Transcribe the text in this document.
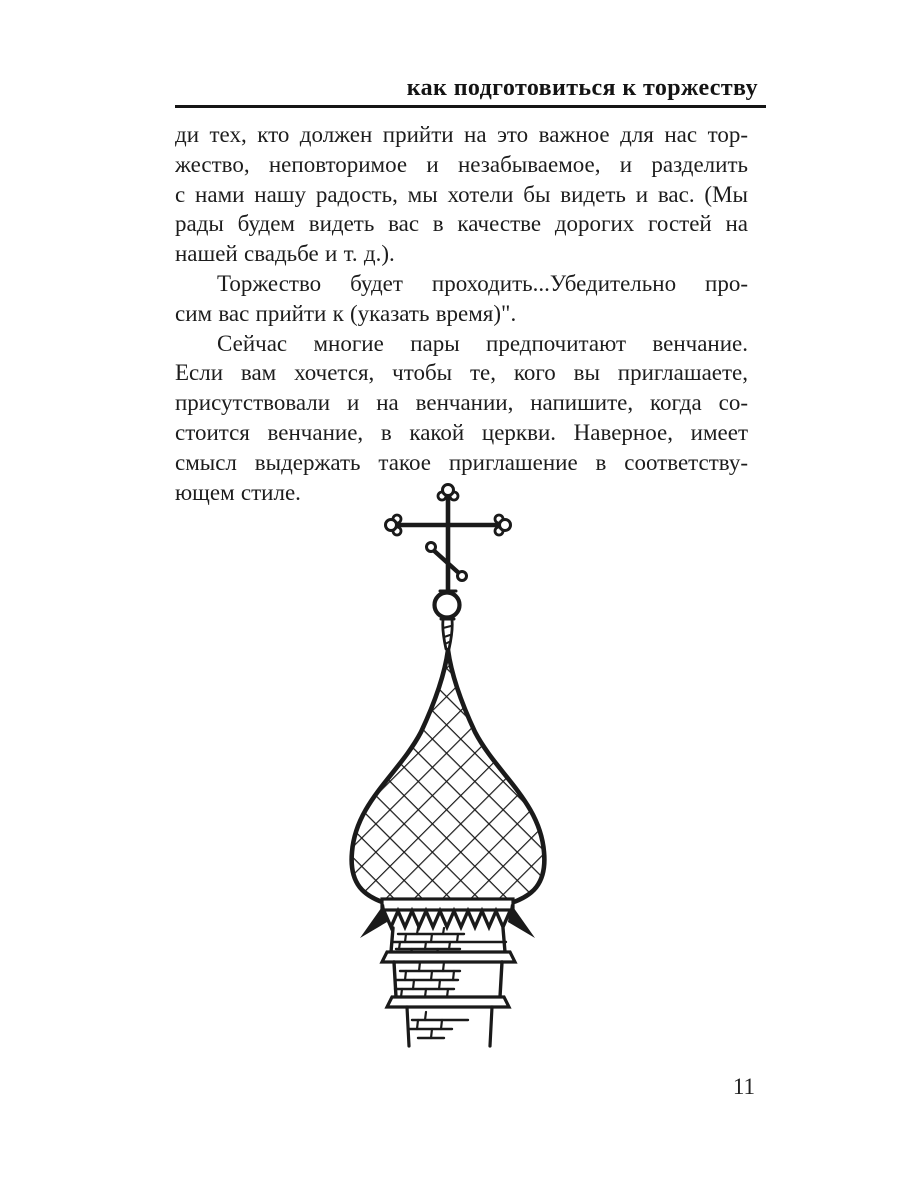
как подготовиться к торжеству
ди тех, кто должен прийти на это важное для нас тор-
жество, неповторимое и незабываемое, и разделить
с нами нашу радость, мы хотели бы видеть и вас. (Мы
рады будем видеть вас в качестве дорогих гостей на
нашей свадьбе и т. д.).
Торжество будет проходить...Убедительно про-
сим вас прийти к (указать время)".
Сейчас многие пары предпочитают венчание.
Если вам хочется, чтобы те, кого вы приглашаете,
присутствовали и на венчании, напишите, когда со-
стоится венчание, в какой церкви. Наверное, имеет
смысл выдержать такое приглашение в соответству-
ющем стиле.
11
